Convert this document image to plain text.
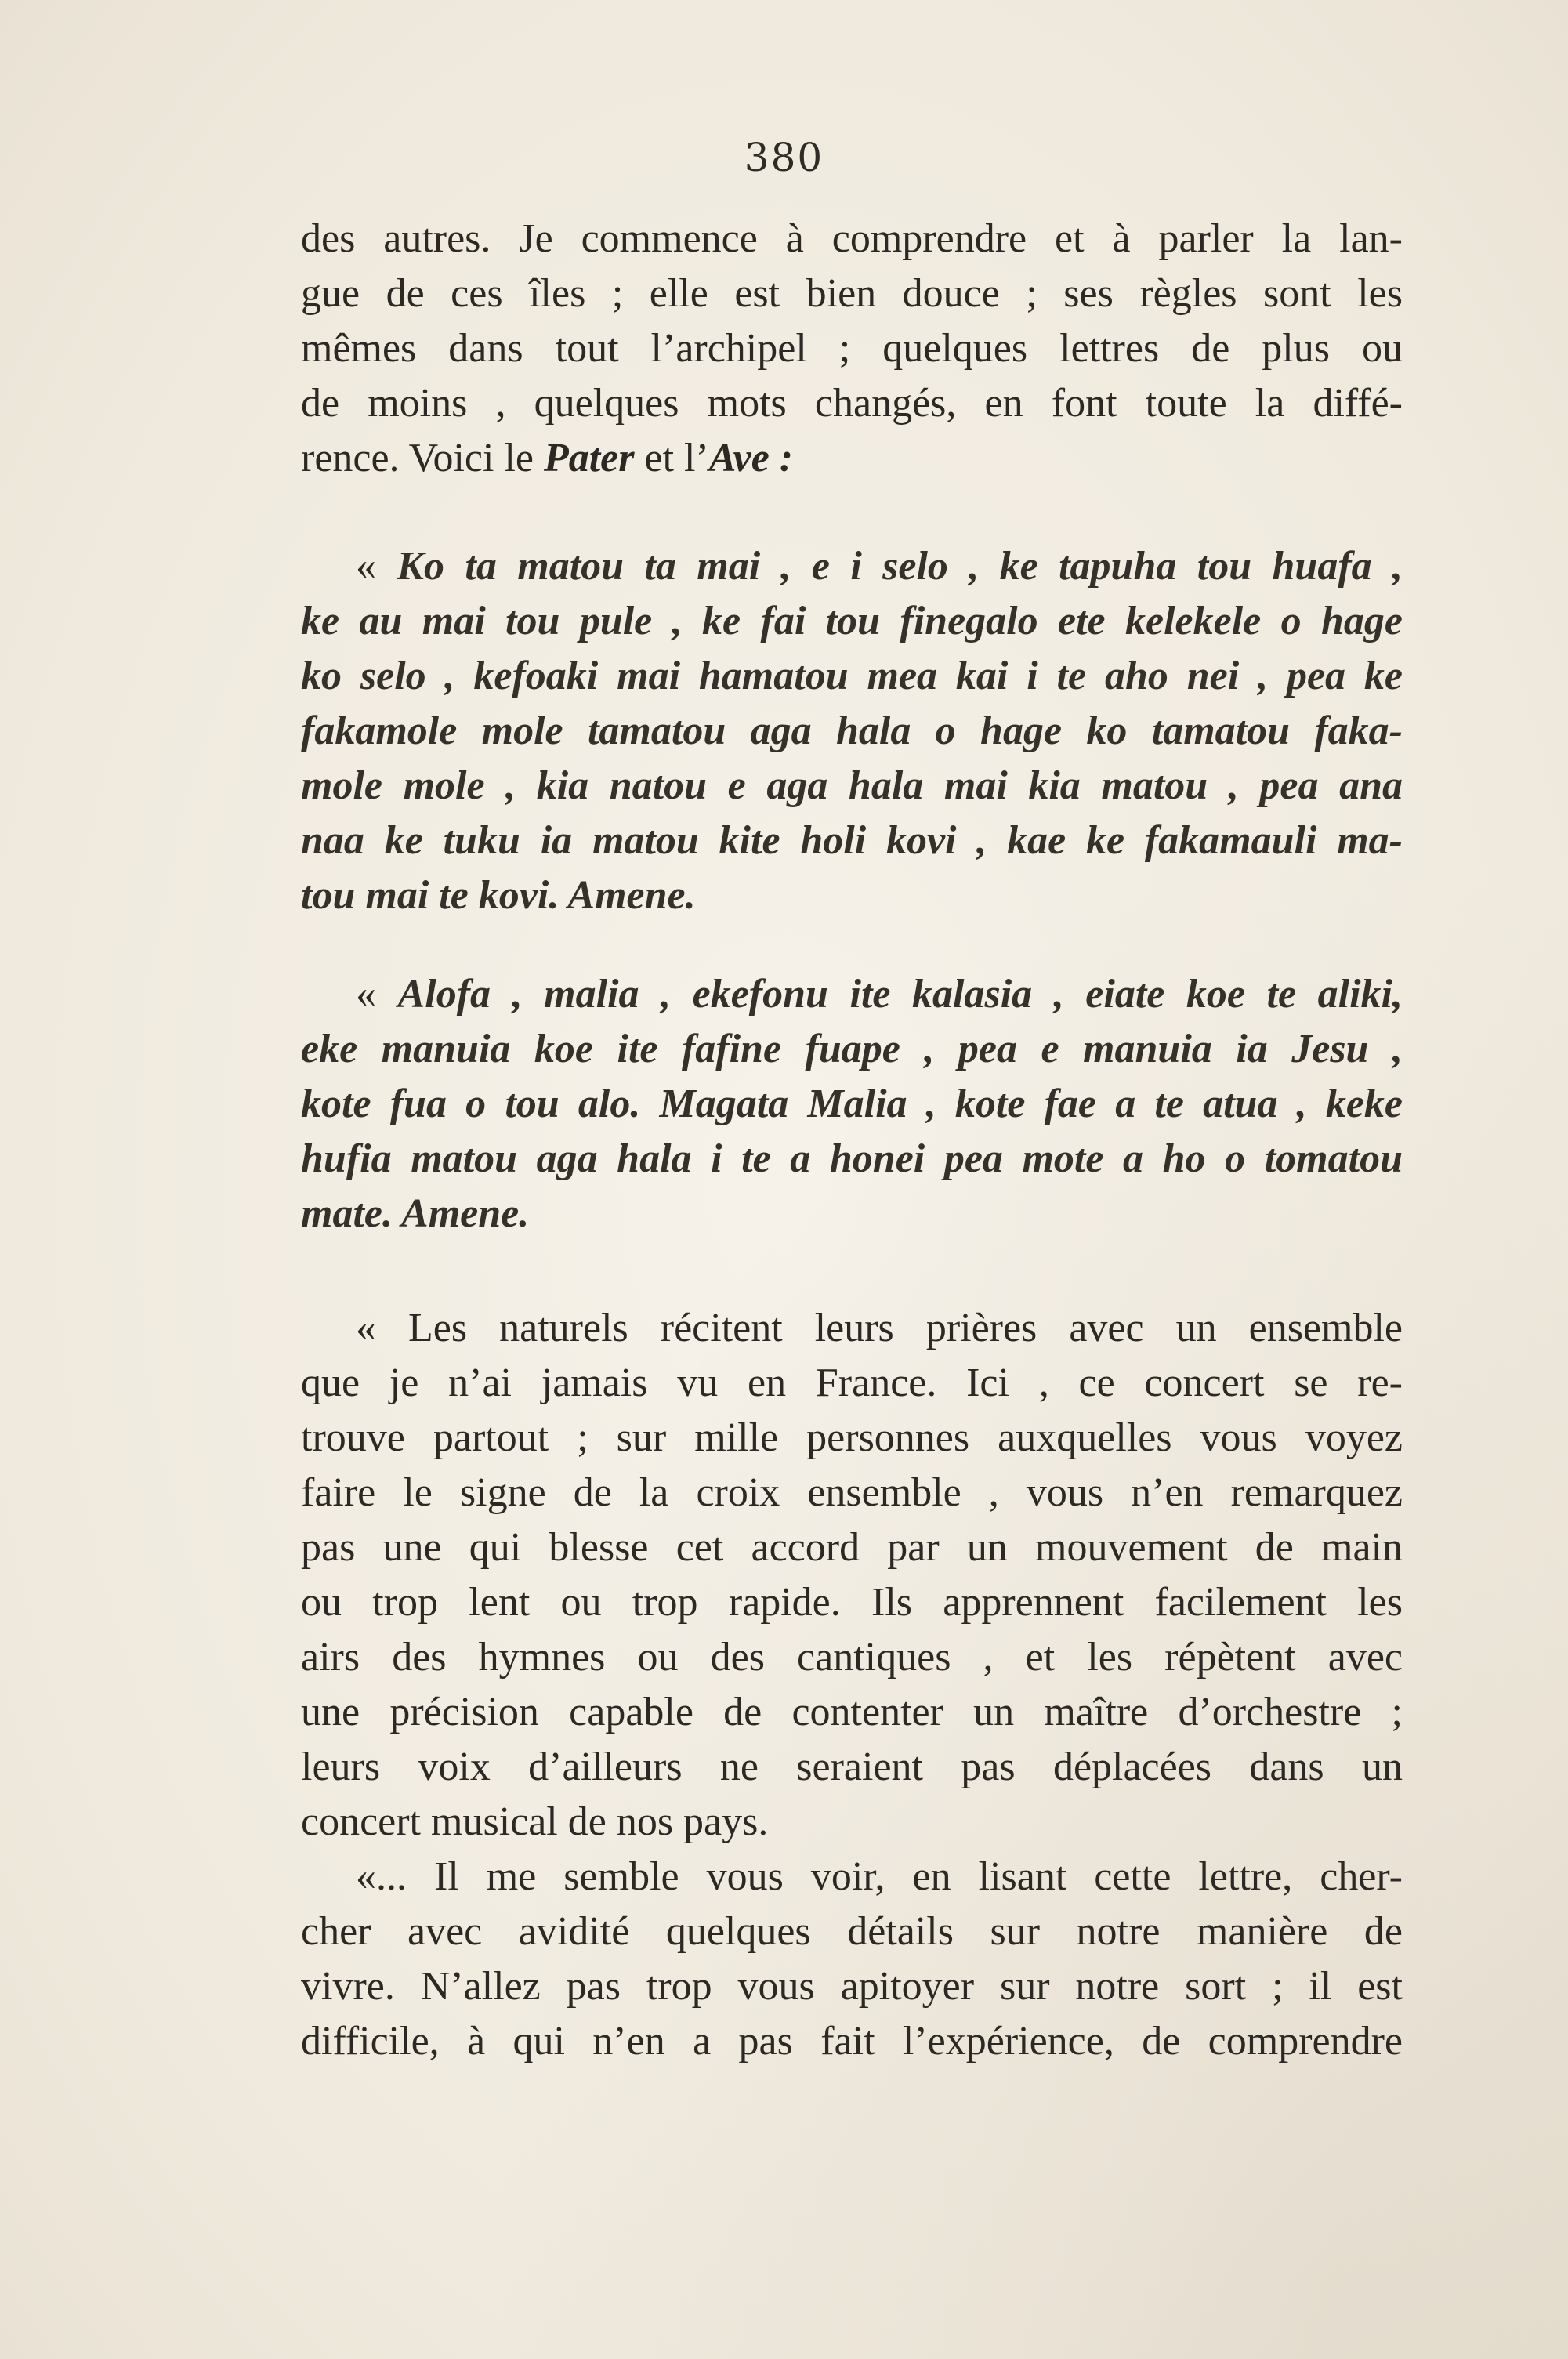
380
des autres. Je commence à comprendre et à parler la lan-
gue de ces îles ; elle est bien douce ; ses règles sont les
mêmes dans tout l’archipel ; quelques lettres de plus ou
de moins , quelques mots changés, en font toute la diffé-
rence. Voici le Pater et l’Ave :
« Ko ta matou ta mai , e i selo , ke tapuha tou huafa ,
ke au mai tou pule , ke fai tou finegalo ete kelekele o hage
ko selo , kefoaki mai hamatou mea kai i te aho nei , pea ke
fakamole mole tamatou aga hala o hage ko tamatou faka-
mole mole , kia natou e aga hala mai kia matou , pea ana
naa ke tuku ia matou kite holi kovi , kae ke fakamauli ma-
tou mai te kovi. Amene.
« Alofa , malia , ekefonu ite kalasia , eiate koe te aliki,
eke manuia koe ite fafine fuape , pea e manuia ia Jesu ,
kote fua o tou alo. Magata Malia , kote fae a te atua , keke
hufia matou aga hala i te a honei pea mote a ho o tomatou
mate. Amene.
« Les naturels récitent leurs prières avec un ensemble
que je n’ai jamais vu en France. Ici , ce concert se re-
trouve partout ; sur mille personnes auxquelles vous voyez
faire le signe de la croix ensemble , vous n’en remarquez
pas une qui blesse cet accord par un mouvement de main
ou trop lent ou trop rapide. Ils apprennent facilement les
airs des hymnes ou des cantiques , et les répètent avec
une précision capable de contenter un maître d’orchestre ;
leurs voix d’ailleurs ne seraient pas déplacées dans un
concert musical de nos pays.
«... Il me semble vous voir, en lisant cette lettre, cher-
cher avec avidité quelques détails sur notre manière de
vivre. N’allez pas trop vous apitoyer sur notre sort ; il est
difficile, à qui n’en a pas fait l’expérience, de comprendre
